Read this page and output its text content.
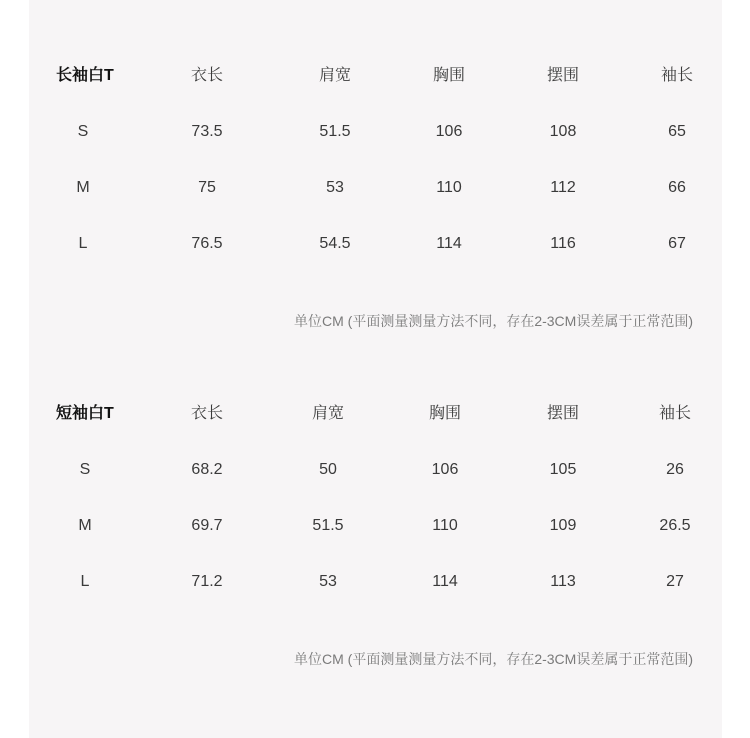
长袖白T	衣长	肩宽	胸围	摆围	袖长
S	73.5	51.5	106	108	65
M	75	53	110	112	66
L	76.5	54.5	114	116	67
单位CM (平面测量测量方法不同，存在2-3CM误差属于正常范围)
短袖白T	衣长	肩宽	胸围	摆围	袖长
S	68.2	50	106	105	26
M	69.7	51.5	110	109	26.5
L	71.2	53	114	113	27
单位CM (平面测量测量方法不同，存在2-3CM误差属于正常范围)
